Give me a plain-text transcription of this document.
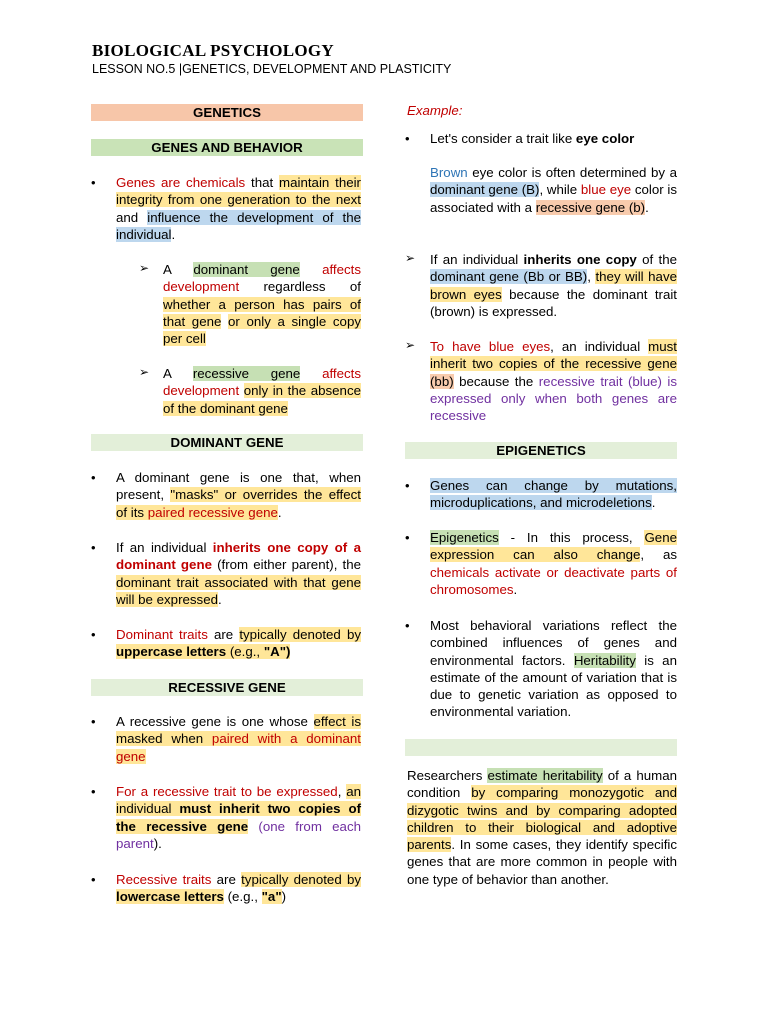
BIOLOGICAL PSYCHOLOGY
LESSON NO.5 |GENETICS, DEVELOPMENT AND PLASTICITY
GENETICS
GENES AND BEHAVIOR
• Genes are chemicals that maintain their integrity from one generation to the next and influence the development of the individual.
➢ A dominant gene affects development regardless of whether a person has pairs of that gene or only a single copy per cell
➢ A recessive gene affects development only in the absence of the dominant gene
DOMINANT GENE
• A dominant gene is one that, when present, "masks" or overrides the effect of its paired recessive gene.
• If an individual inherits one copy of a dominant gene (from either parent), the dominant trait associated with that gene will be expressed.
• Dominant traits are typically denoted by uppercase letters (e.g., "A")
RECESSIVE GENE
• A recessive gene is one whose effect is masked when paired with a dominant gene
• For a recessive trait to be expressed, an individual must inherit two copies of the recessive gene (one from each parent).
• Recessive traits are typically denoted by lowercase letters (e.g., "a")
Example:
• Let's consider a trait like eye color
Brown eye color is often determined by a dominant gene (B), while blue eye color is associated with a recessive gene (b).
➢ If an individual inherits one copy of the dominant gene (Bb or BB), they will have brown eyes because the dominant trait (brown) is expressed.
➢ To have blue eyes, an individual must inherit two copies of the recessive gene (bb) because the recessive trait (blue) is expressed only when both genes are recessive
EPIGENETICS
• Genes can change by mutations, microduplications, and microdeletions.
• Epigenetics - In this process, Gene expression can also change, as chemicals activate or deactivate parts of chromosomes.
• Most behavioral variations reflect the combined influences of genes and environmental factors. Heritability is an estimate of the amount of variation that is due to genetic variation as opposed to environmental variation.
Researchers estimate heritability of a human condition by comparing monozygotic and dizygotic twins and by comparing adopted children to their biological and adoptive parents. In some cases, they identify specific genes that are more common in people with one type of behavior than another.
